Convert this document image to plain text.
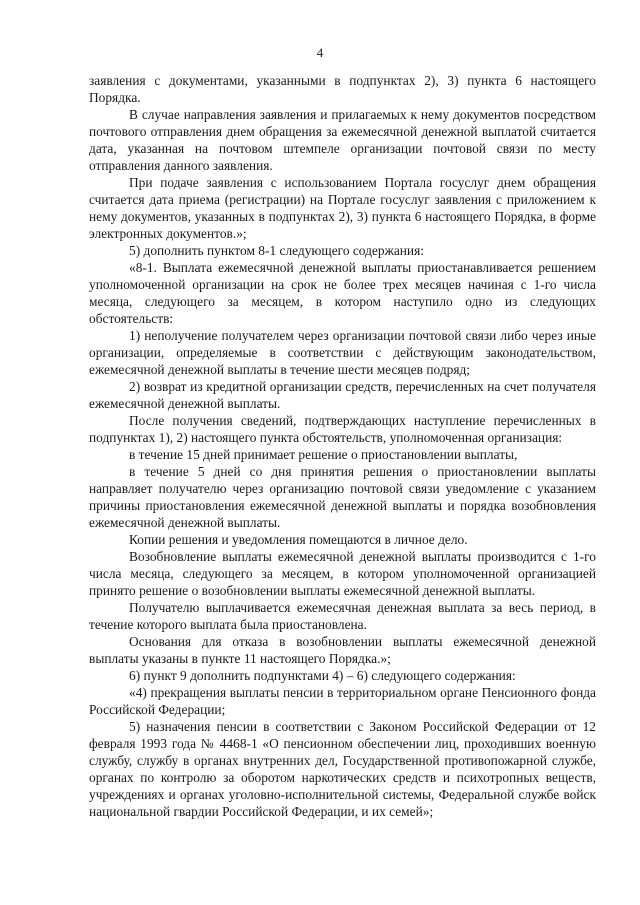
4

заявления с документами, указанными в подпунктах 2), 3) пункта 6 настоящего Порядка.

В случае направления заявления и прилагаемых к нему документов посредством почтового отправления днем обращения за ежемесячной денежной выплатой считается дата, указанная на почтовом штемпеле организации почтовой связи по месту отправления данного заявления.

При подаче заявления с использованием Портала госуслуг днем обращения считается дата приема (регистрации) на Портале госуслуг заявления с приложением к нему документов, указанных в подпунктах 2), 3) пункта 6 настоящего Порядка, в форме электронных документов.»;

5) дополнить пунктом 8-1 следующего содержания:

«8-1. Выплата ежемесячной денежной выплаты приостанавливается решением уполномоченной организации на срок не более трех месяцев начиная с 1-го числа месяца, следующего за месяцем, в котором наступило одно из следующих обстоятельств:

1) неполучение получателем через организации почтовой связи либо через иные организации, определяемые в соответствии с действующим законодательством, ежемесячной денежной выплаты в течение шести месяцев подряд;

2) возврат из кредитной организации средств, перечисленных на счет получателя ежемесячной денежной выплаты.

После получения сведений, подтверждающих наступление перечисленных в подпунктах 1), 2) настоящего пункта обстоятельств, уполномоченная организация:

в течение 15 дней принимает решение о приостановлении выплаты,

в течение 5 дней со дня принятия решения о приостановлении выплаты направляет получателю через организацию почтовой связи уведомление с указанием причины приостановления ежемесячной денежной выплаты и порядка возобновления ежемесячной денежной выплаты.

Копии решения и уведомления помещаются в личное дело.

Возобновление выплаты ежемесячной денежной выплаты производится с 1-го числа месяца, следующего за месяцем, в котором уполномоченной организацией принято решение о возобновлении выплаты ежемесячной денежной выплаты.

Получателю выплачивается ежемесячная денежная выплата за весь период, в течение которого выплата была приостановлена.

Основания для отказа в возобновлении выплаты ежемесячной денежной выплаты указаны в пункте 11 настоящего Порядка.»;

6) пункт 9 дополнить подпунктами 4) – 6) следующего содержания:

«4) прекращения выплаты пенсии в территориальном органе Пенсионного фонда Российской Федерации;

5) назначения пенсии в соответствии с Законом Российской Федерации от 12 февраля 1993 года № 4468-1 «О пенсионном обеспечении лиц, проходивших военную службу, службу в органах внутренних дел, Государственной противопожарной службе, органах по контролю за оборотом наркотических средств и психотропных веществ, учреждениях и органах уголовно-исполнительной системы, Федеральной службе войск национальной гвардии Российской Федерации, и их семей»;
